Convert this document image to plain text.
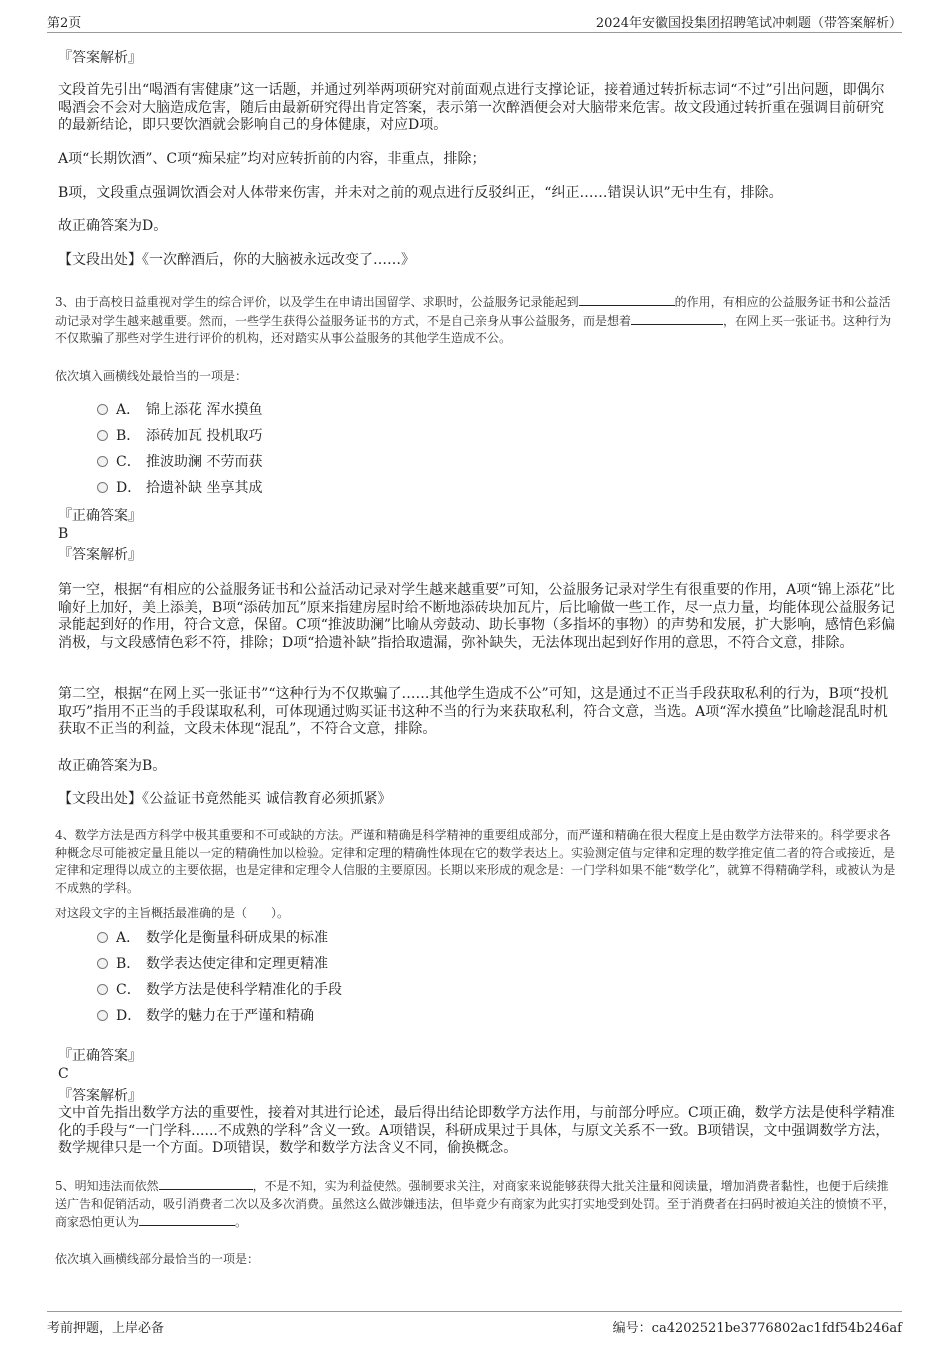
第2页	2024年安徽国投集团招聘笔试冲刺题（带答案解析）

『答案解析』

文段首先引出“喝酒有害健康”这一话题，并通过列举两项研究对前面观点进行支撑论证，接着通过转折标志词“不过”引出问题，即偶尔喝酒会不会对大脑造成危害，随后由最新研究得出肯定答案，表示第一次醉酒便会对大脑带来危害。故文段通过转折重在强调目前研究的最新结论，即只要饮酒就会影响自己的身体健康，对应D项。

A项“长期饮酒”、C项“痴呆症”均对应转折前的内容，非重点，排除；

B项，文段重点强调饮酒会对人体带来伤害，并未对之前的观点进行反驳纠正，“纠正……错误认识”无中生有，排除。

故正确答案为D。

【文段出处】《一次醉酒后，你的大脑被永远改变了……》

3、由于高校日益重视对学生的综合评价，以及学生在申请出国留学、求职时，公益服务记录能起到	的作用，有相应的公益服务证书和公益活动记录对学生越来越重要。然而，一些学生获得公益服务证书的方式，不是自己亲身从事公益服务，而是想着	，在网上买一张证书。这种行为不仅欺骗了那些对学生进行评价的机构，还对踏实从事公益服务的其他学生造成不公。

依次填入画横线处最恰当的一项是：

A． 锦上添花 浑水摸鱼
B． 添砖加瓦 投机取巧
C． 推波助澜 不劳而获
D． 拾遗补缺 坐享其成

『正确答案』

B

『答案解析』

第一空，根据“有相应的公益服务证书和公益活动记录对学生越来越重要”可知，公益服务记录对学生有很重要的作用，A项“锦上添花”比喻好上加好，美上添美，B项“添砖加瓦”原来指建房屋时给不断地添砖块加瓦片，后比喻做一些工作，尽一点力量，均能体现公益服务记录能起到好的作用，符合文意，保留。C项“推波助澜”比喻从旁鼓动、助长事物（多指坏的事物）的声势和发展，扩大影响，感情色彩偏消极，与文段感情色彩不符，排除；D项“拾遗补缺”指拾取遗漏，弥补缺失，无法体现出起到好作用的意思，不符合文意，排除。

第二空，根据“在网上买一张证书”“这种行为不仅欺骗了……其他学生造成不公”可知，这是通过不正当手段获取私利的行为，B项“投机取巧”指用不正当的手段谋取私利，可体现通过购买证书这种不当的行为来获取私利，符合文意，当选。A项“浑水摸鱼”比喻趁混乱时机获取不正当的利益，文段未体现“混乱”，不符合文意，排除。

故正确答案为B。

【文段出处】《公益证书竟然能买 诚信教育必须抓紧》

4、数学方法是西方科学中极其重要和不可或缺的方法。严谨和精确是科学精神的重要组成部分，而严谨和精确在很大程度上是由数学方法带来的。科学要求各种概念尽可能被定量且能以一定的精确性加以检验。定律和定理的精确性体现在它的数学表达上。实验测定值与定律和定理的数学推定值二者的符合或接近，是定律和定理得以成立的主要依据，也是定律和定理令人信服的主要原因。长期以来形成的观念是：一门学科如果不能“数学化”，就算不得精确学科，或被认为是不成熟的学科。

对这段文字的主旨概括最准确的是（　　）。

A． 数学化是衡量科研成果的标准
B． 数学表达使定律和定理更精准
C． 数学方法是使科学精准化的手段
D． 数学的魅力在于严谨和精确

『正确答案』

C

『答案解析』

文中首先指出数学方法的重要性，接着对其进行论述，最后得出结论即数学方法作用，与前部分呼应。C项正确，数学方法是使科学精准化的手段与“一门学科......不成熟的学科”含义一致。A项错误，科研成果过于具体，与原文关系不一致。B项错误，文中强调数学方法，数学规律只是一个方面。D项错误，数学和数学方法含义不同，偷换概念。

5、明知违法而依然	，不是不知，实为利益使然。强制要求关注，对商家来说能够获得大批关注量和阅读量，增加消费者黏性，也便于后续推送广告和促销活动，吸引消费者二次以及多次消费。虽然这么做涉嫌违法，但毕竟少有商家为此实打实地受到处罚。至于消费者在扫码时被迫关注的愤愤不平，商家恐怕更认为	。

依次填入画横线部分最恰当的一项是：

考前押题，上岸必备	编号：ca4202521be3776802ac1fdf54b246af
